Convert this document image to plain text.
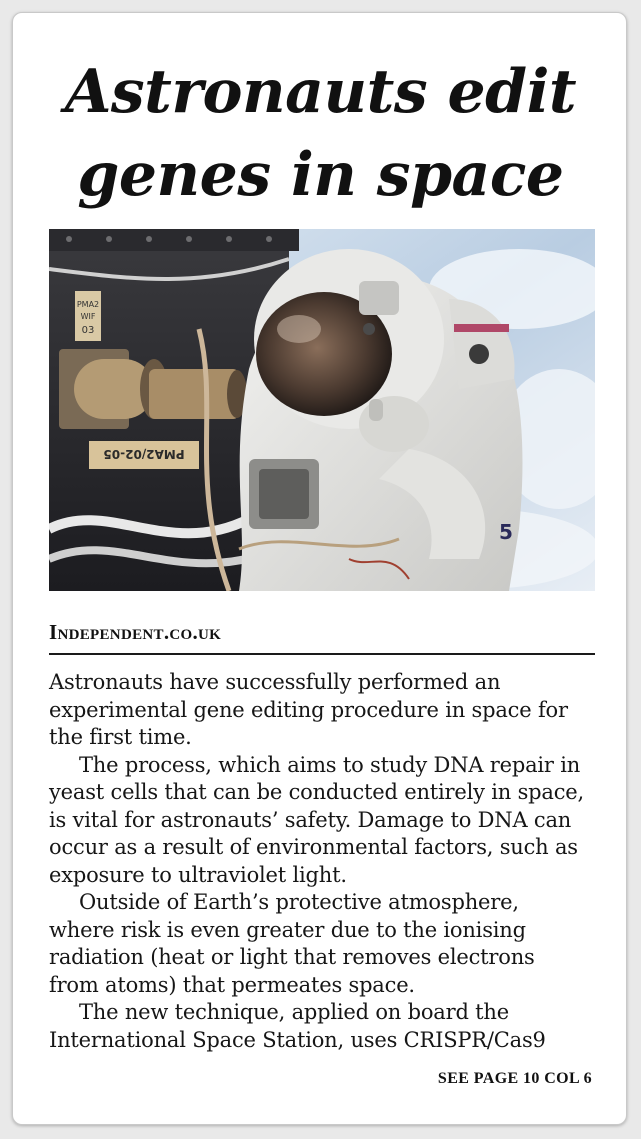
Astronauts edit
genes in space
PMA2
WIF
03
PMA2/02-05
5
Independent.co.uk

Astronauts have successfully performed an
experimental gene editing procedure in space for
the first time.

The process, which aims to study DNA repair in
yeast cells that can be conducted entirely in space,
is vital for astronauts’ safety. Damage to DNA can
occur as a result of environmental factors, such as
exposure to ultraviolet light.

Outside of Earth’s protective atmosphere,
where risk is even greater due to the ionising
radiation (heat or light that removes electrons
from atoms) that permeates space.

The new technique, applied on board the
International Space Station, uses CRISPR/Cas9

SEE PAGE 10 COL 6
